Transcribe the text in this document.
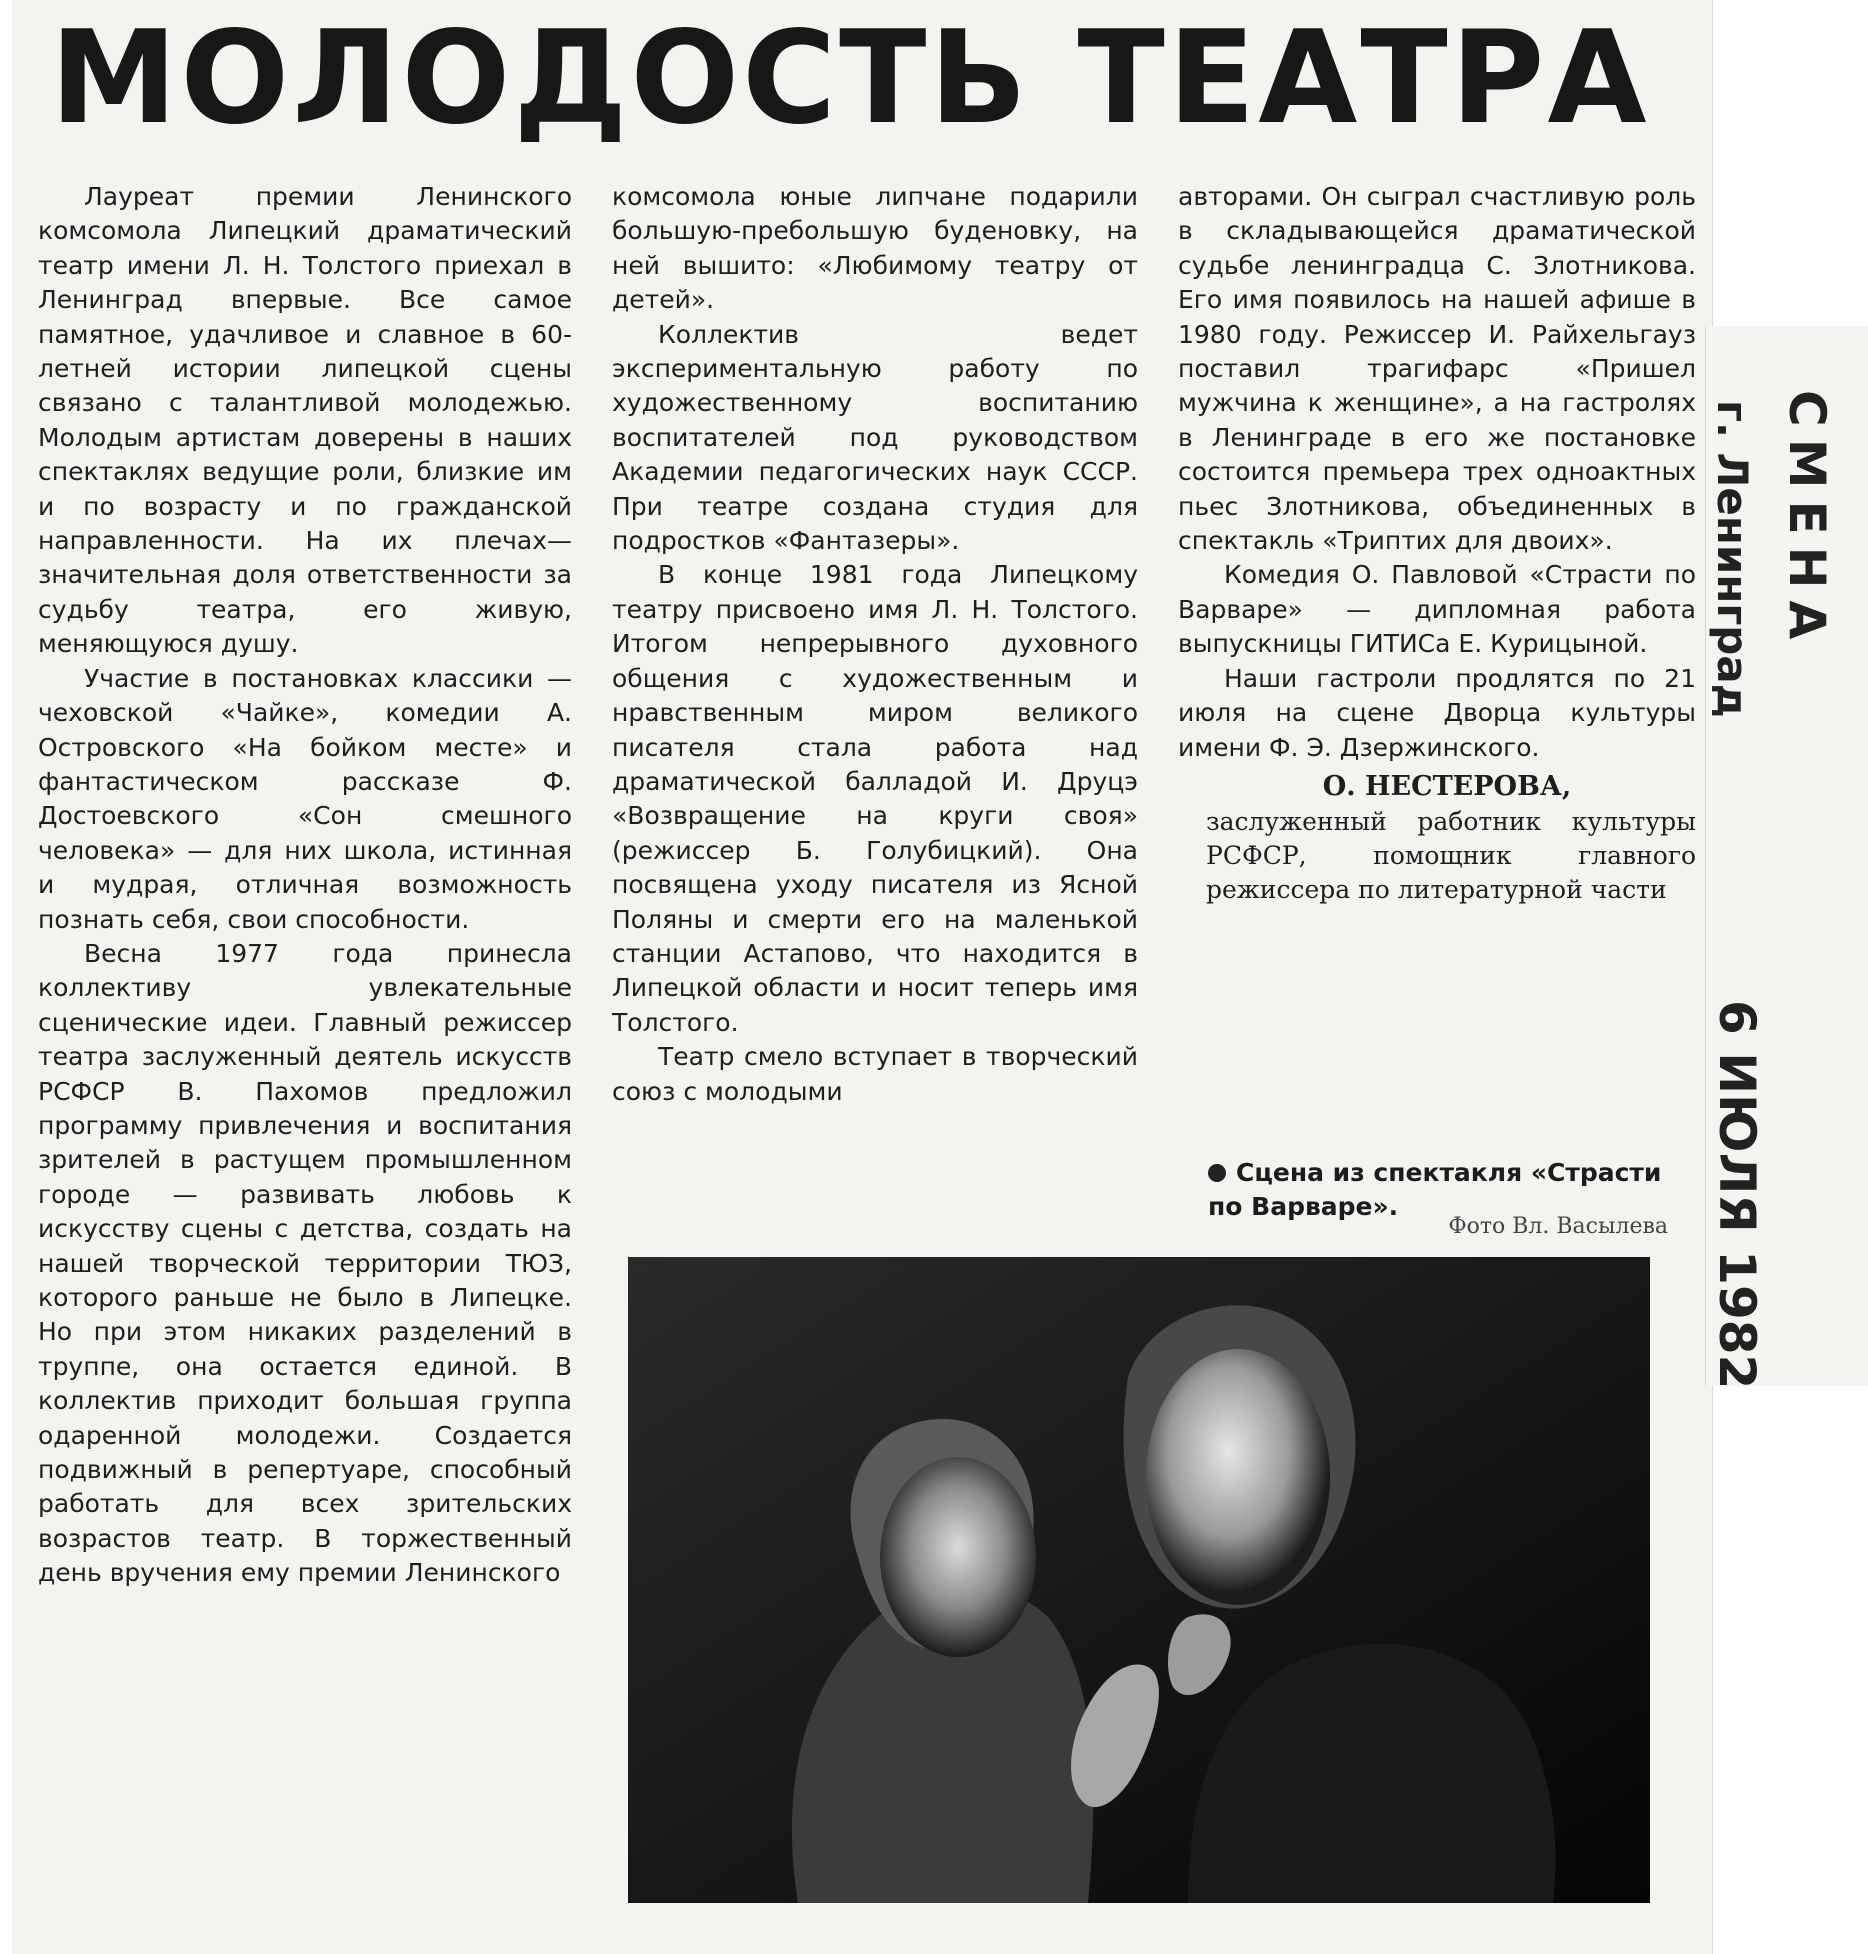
МОЛОДОСТЬ ТЕАТРА

Лауреат премии Ленинского комсомола Липецкий драматический театр имени Л. Н. Толстого приехал в Ленинград впервые. Все самое памятное, удачливое и славное в 60-летней истории липецкой сцены связано с талантливой молодежью. Молодым артистам доверены в наших спектаклях ведущие роли, близкие им и по возрасту и по гражданской направленности. На их плечах—значительная доля ответственности за судьбу театра, его живую, меняющуюся душу.

Участие в постановках классики — чеховской «Чайке», комедии А. Островского «На бойком месте» и фантастическом рассказе Ф. Достоевского «Сон смешного человека» — для них школа, истинная и мудрая, отличная возможность познать себя, свои способности.

Весна 1977 года принесла коллективу увлекательные сценические идеи. Главный режиссер театра заслуженный деятель искусств РСФСР В. Пахомов предложил программу привлечения и воспитания зрителей в растущем промышленном городе — развивать любовь к искусству сцены с детства, создать на нашей творческой территории ТЮЗ, которого раньше не было в Липецке. Но при этом никаких разделений в труппе, она остается единой. В коллектив приходит большая группа одаренной молодежи. Создается подвижный в репертуаре, способный работать для всех зрительских возрастов театр. В торжественный день вручения ему премии Ленинского

комсомола юные липчане подарили большую-пребольшую буденовку, на ней вышито: «Любимому театру от детей».

Коллектив ведет экспериментальную работу по художественному воспитанию воспитателей под руководством Академии педагогических наук СССР. При театре создана студия для подростков «Фантазеры».

В конце 1981 года Липецкому театру присвоено имя Л. Н. Толстого. Итогом непрерывного духовного общения с художественным и нравственным миром великого писателя стала работа над драматической балладой И. Друцэ «Возвращение на круги своя» (режиссер Б. Голубицкий). Она посвящена уходу писателя из Ясной Поляны и смерти его на маленькой станции Астапово, что находится в Липецкой области и носит теперь имя Толстого.

Театр смело вступает в творческий союз с молодыми

авторами. Он сыграл счастливую роль в складывающейся драматической судьбе ленинградца С. Злотникова. Его имя появилось на нашей афише в 1980 году. Режиссер И. Райхельгауз поставил трагифарс «Пришел мужчина к женщине», а на гастролях в Ленинграде в его же постановке состоится премьера трех одноактных пьес Злотникова, объединенных в спектакль «Триптих для двоих».

Комедия О. Павловой «Страсти по Варваре» — дипломная работа выпускницы ГИТИСа Е. Курицыной.

Наши гастроли продлятся по 21 июля на сцене Дворца культуры имени Ф. Э. Дзержинского.

О. НЕСТЕРОВА,
заслуженный работник культуры РСФСР, помощник главного режиссера по литературной части
Сцена из спектакля «Страсти по Варваре».
Фото Вл. Васылева
СМЕНА
г. Ленинград
6 ИЮЛЯ 1982
